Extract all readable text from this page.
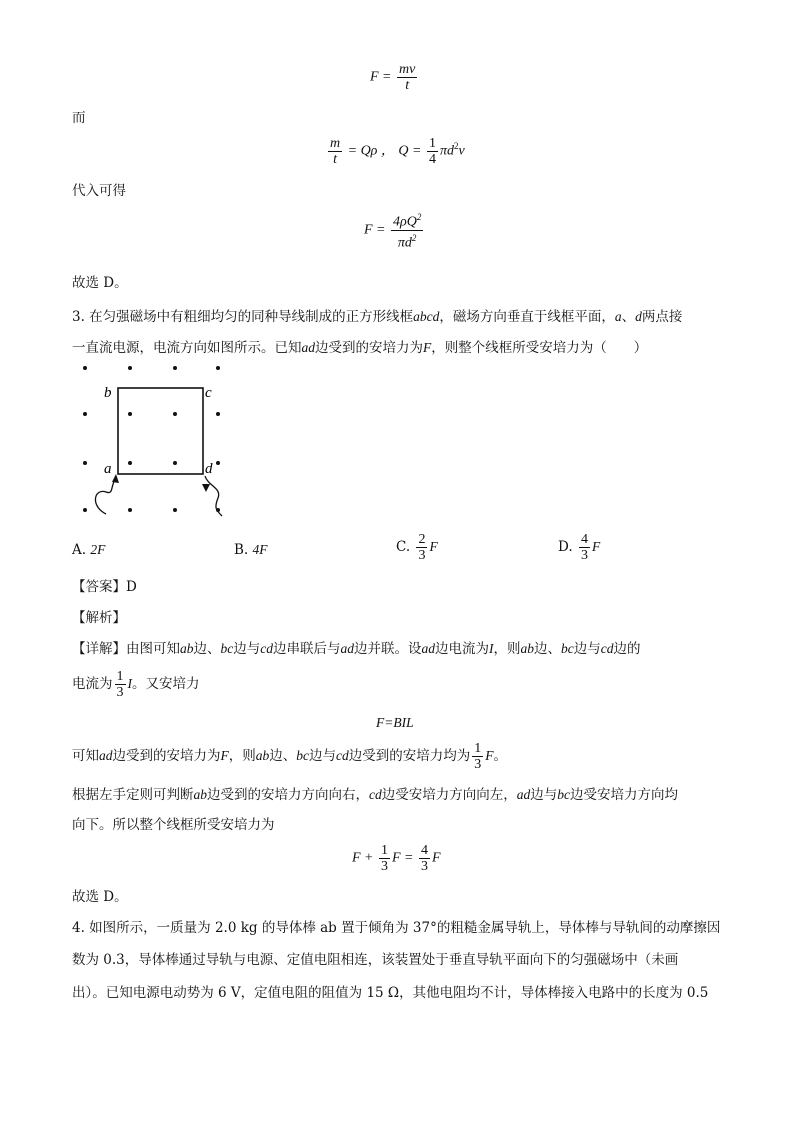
$F = \frac{mv}{t}$
而
$\frac{m}{t} = Q\rho$ ， $Q = \frac{1}{4} \pi d^2v$
代入可得
$F = \frac{4\rho Q^2}{\pi d^2}$
故选 D。
3. 在匀强磁场中有粗细均匀的同种导线制成的正方形线框abcd，磁场方向垂直于线框平面，a、d两点接
一直流电源，电流方向如图所示。已知ad边受到的安培力为F，则整个线框所受安培力为（　　）
b	c
a	d
A. 2F	B. 4F	C. $\frac{2}{3}$ F	D. $\frac{4}{3}$ F
【答案】D
【解析】
【详解】由图可知ab边、bc边与cd边串联后与ad边并联。设ad边电流为I，则ab边、bc边与cd边的
电流为 $\frac{1}{3}$ I。又安培力
F=BIL
可知ad边受到的安培力为F，则ab边、bc边与cd边受到的安培力均为 $\frac{1}{3}$ F。
根据左手定则可判断ab边受到的安培力方向向右，cd边受安培力方向向左，ad边与bc边受安培力方向均
向下。所以整个线框所受安培力为
$F + \frac{1}{3}$ $F = \frac{4}{3}$ F
故选 D。
4. 如图所示，一质量为 2.0 kg 的导体棒 ab 置于倾角为 37°的粗糙金属导轨上，导体棒与导轨间的动摩擦因
数为 0.3，导体棒通过导轨与电源、定值电阻相连，该装置处于垂直导轨平面向下的匀强磁场中（未画
出）。已知电源电动势为 6 V，定值电阻的阻值为 15 Ω，其他电阻均不计，导体棒接入电路中的长度为 0.5
